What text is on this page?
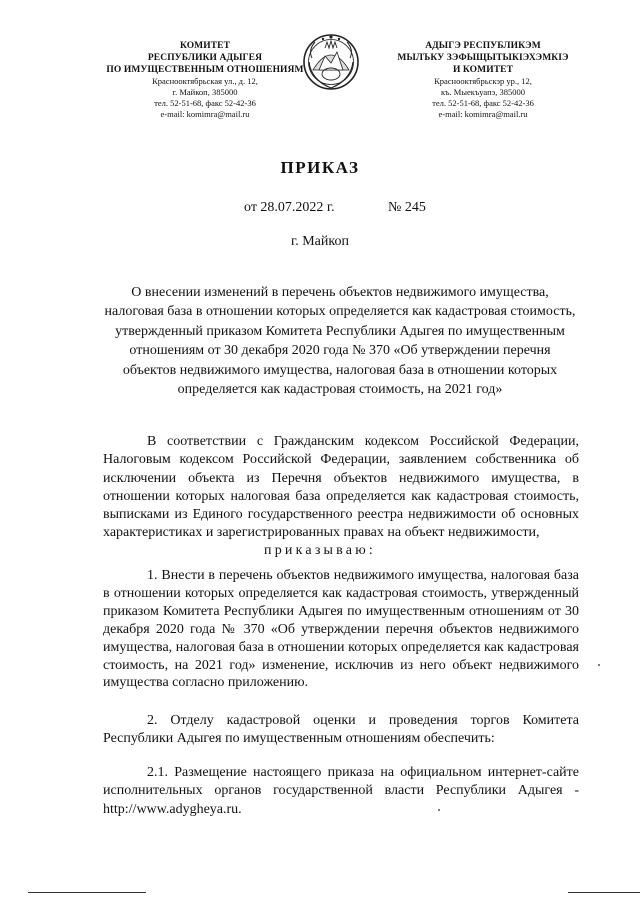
КОМИТЕТ
РЕСПУБЛИКИ АДЫГЕЯ
ПО ИМУЩЕСТВЕННЫМ ОТНОШЕНИЯМ
Краснооктябрьская ул., д. 12,
г. Майкоп, 385000
тел. 52-51-68, факс 52-42-36
e-mail: komimra@mail.ru
АДЫГЭ РЕСПУБЛИКЭМ
МЫЛЪКУ ЗЭФЫЩЫТЫКІЭХЭМКІЭ
И КОМИТЕТ
Краснооктябрьскэр ур., 12,
къ. Мыекъуапэ, 385000
тел. 52-51-68, факс 52-42-36
e-mail: komimra@mail.ru
ПРИКАЗ
от 28.07.2022 г.	№ 245
г. Майкоп
О внесении изменений в перечень объектов недвижимого имущества, налоговая база в отношении которых определяется как кадастровая стоимость, утвержденный приказом Комитета Республики Адыгея по имущественным отношениям от 30 декабря 2020 года № 370 «Об утверждении перечня объектов недвижимого имущества, налоговая база в отношении которых определяется как кадастровая стоимость, на 2021 год»
В соответствии с Гражданским кодексом Российской Федерации, Налоговым кодексом Российской Федерации, заявлением собственника об исключении объекта из Перечня объектов недвижимого имущества, в отношении которых налоговая база определяется как кадастровая стоимость, выписками из Единого государственного реестра недвижимости об основных характеристиках и зарегистрированных правах на объект недвижимости,
приказываю:
1. Внести в перечень объектов недвижимого имущества, налоговая база в отношении которых определяется как кадастровая стоимость, утвержденный приказом Комитета Республики Адыгея по имущественным отношениям от 30 декабря 2020 года № 370 «Об утверждении перечня объектов недвижимого имущества, налоговая база в отношении которых определяется как кадастровая стоимость, на 2021 год» изменение, исключив из него объект недвижимого имущества согласно приложению.
2. Отделу кадастровой оценки и проведения торгов Комитета Республики Адыгея по имущественным отношениям обеспечить:
2.1. Размещение настоящего приказа на официальном интернет-сайте исполнительных органов государственной власти Республики Адыгея - http://www.adygheya.ru.
